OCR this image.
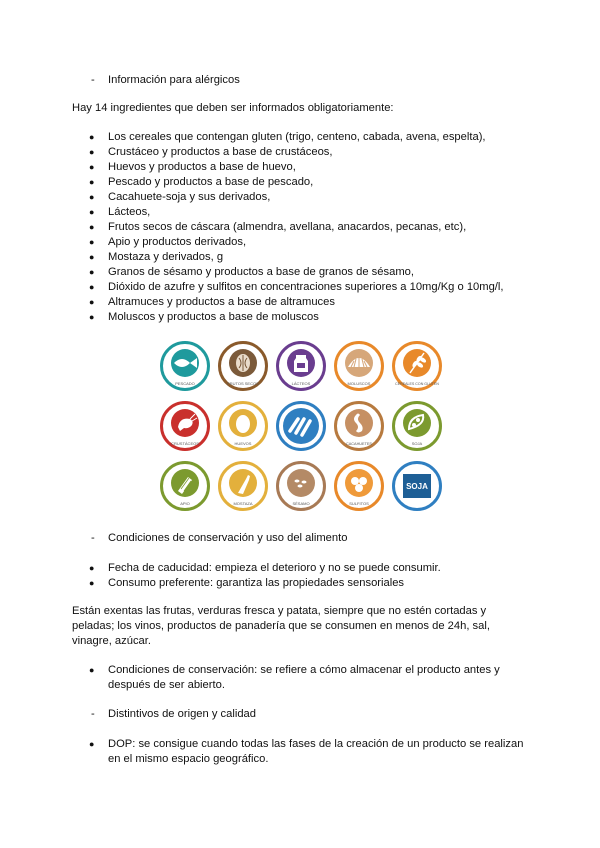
- Información para alérgicos
Hay 14 ingredientes que deben ser informados obligatoriamente:
● Los cereales que contengan gluten (trigo, centeno, cabada, avena, espelta),
● Crustáceo y productos a base de crustáceos,
● Huevos y productos a base de huevo,
● Pescado y productos a base de pescado,
● Cacahuete-soja y sus derivados,
● Lácteos,
● Frutos secos de cáscara (almendra, avellana, anacardos, pecanas, etc),
● Apio y productos derivados,
● Mostaza y derivados, g
● Granos de sésamo y productos a base de granos de sésamo,
● Dióxido de azufre y sulfitos en concentraciones superiores a 10mg/Kg o 10mg/l,
● Altramuces y productos a base de altramuces
● Moluscos y productos a base de moluscos
PESCADO	FRUTOS SECOS	LÁCTEOS	MOLUSCOS	CEREALES CON GLUTEN
CRUSTÁCEOS	HUEVOS	CACAHUETES	SOJA
APIO	MOSTAZA	SÉSAMO	SULFITOS
SOJA
- Condiciones de conservación y uso del alimento
● Fecha de caducidad: empieza el deterioro y no se puede consumir.
● Consumo preferente: garantiza las propiedades sensoriales
Están exentas las frutas, verduras fresca y patata, siempre que no estén cortadas y
peladas; los vinos, productos de panadería que se consumen en menos de 24h, sal,
vinagre, azúcar.
● Condiciones de conservación: se refiere a cómo almacenar el producto antes y
después de ser abierto.
- Distintivos de origen y calidad
● DOP: se consigue cuando todas las fases de la creación de un producto se realizan
en el mismo espacio geográfico.
